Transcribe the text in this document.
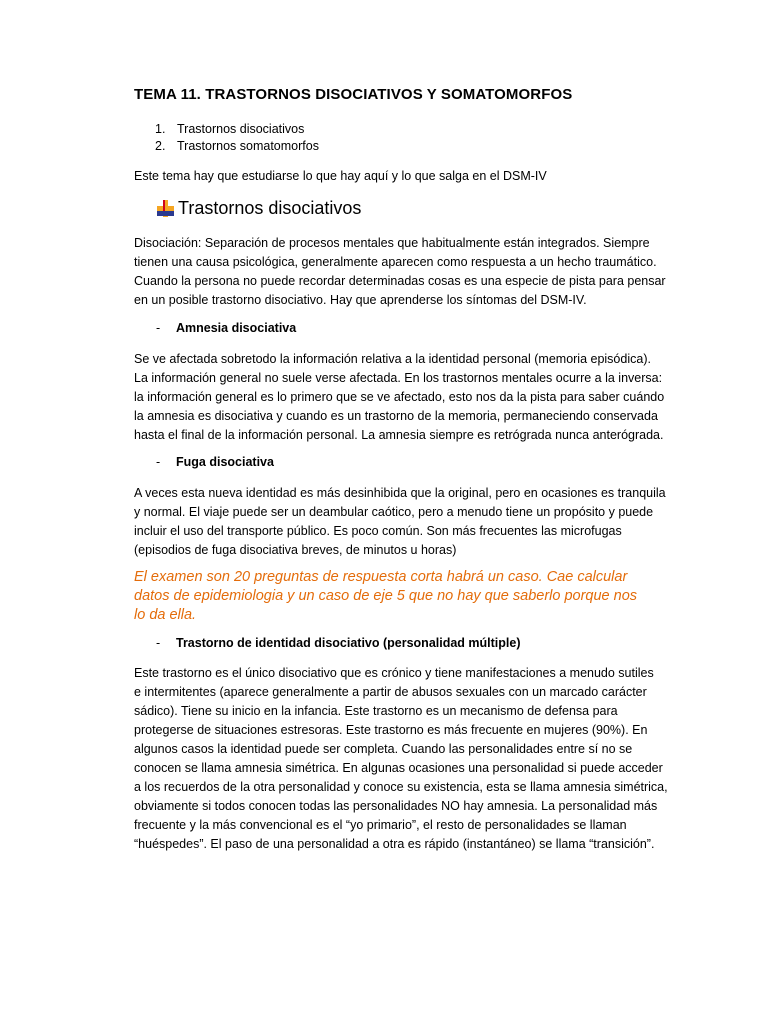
TEMA 11. TRASTORNOS DISOCIATIVOS Y SOMATOMORFOS
1. Trastornos disociativos
2. Trastornos somatomorfos
Este tema hay que estudiarse lo que hay aquí y lo que salga en el DSM-IV
Trastornos disociativos

Disociación: Separación de procesos mentales que habitualmente están integrados. Siempre

tienen una causa psicológica, generalmente aparecen como respuesta a un hecho traumático.

Cuando la persona no puede recordar determinadas cosas es una especie de pista para pensar

en un posible trastorno disociativo. Hay que aprenderse los síntomas del DSM-IV.

-	Amnesia disociativa

Se ve afectada sobretodo la información relativa a la identidad personal (memoria episódica).

La información general no suele verse afectada. En los trastornos mentales ocurre a la inversa:

la información general es lo primero que se ve afectado, esto nos da la pista para saber cuándo

la amnesia es disociativa y cuando es un trastorno de la memoria, permaneciendo conservada

hasta el final de la información personal. La amnesia siempre es retrógrada nunca anterógrada.

-	Fuga disociativa

A veces esta nueva identidad es más desinhibida que la original, pero en ocasiones es tranquila

y normal. El viaje puede ser un deambular caótico, pero a menudo tiene un propósito y puede

incluir el uso del transporte público. Es poco común. Son más frecuentes las microfugas

(episodios de fuga disociativa breves, de minutos u horas)

El examen son 20 preguntas de respuesta corta habrá un caso. Cae calcular

datos de epidemiologia y un caso de eje 5 que no hay que saberlo porque nos

lo da ella.

-	Trastorno de identidad disociativo (personalidad múltiple)

Este trastorno es el único disociativo que es crónico y tiene manifestaciones a menudo sutiles

e intermitentes (aparece generalmente a partir de abusos sexuales con un marcado carácter

sádico). Tiene su inicio en la infancia. Este trastorno es un mecanismo de defensa para

protegerse de situaciones estresoras. Este trastorno es más frecuente en mujeres (90%). En

algunos casos la identidad puede ser completa. Cuando las personalidades entre sí no se

conocen se llama amnesia simétrica. En algunas ocasiones una personalidad si puede acceder

a los recuerdos de la otra personalidad y conoce su existencia, esta se llama amnesia simétrica,

obviamente si todos conocen todas las personalidades NO hay amnesia. La personalidad más

frecuente y la más convencional es el “yo primario”, el resto de personalidades se llaman

“huéspedes”. El paso de una personalidad a otra es rápido (instantáneo) se llama “transición”.
